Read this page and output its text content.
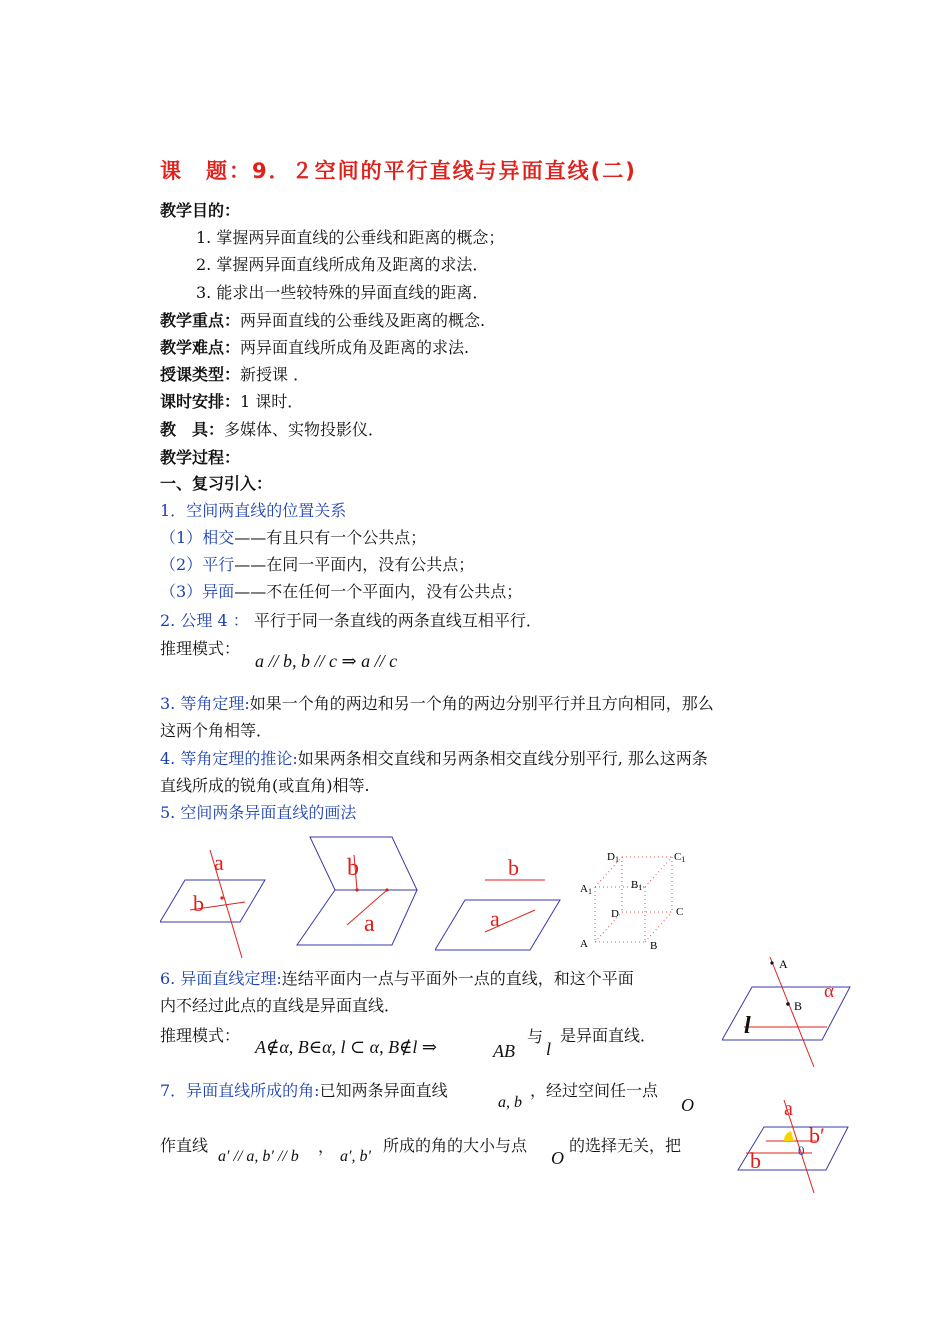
课　题：9．２空间的平行直线与异面直线(二)
教学目的：
1. 掌握两异面直线的公垂线和距离的概念；
2. 掌握两异面直线所成角及距离的求法．
3. 能求出一些较特殊的异面直线的距离．
教学重点：两异面直线的公垂线及距离的概念.
教学难点：两异面直线所成角及距离的求法.
授课类型：新授课 ．
课时安排：1 课时．
教　具：多媒体、实物投影仪．
教学过程：
一、复习引入：
1．空间两直线的位置关系
（1）相交——有且只有一个公共点；
（2）平行——在同一平面内，没有公共点；
（3）异面——不在任何一个平面内，没有公共点；
2. 公理 4 ： 平行于同一条直线的两条直线互相平行．
推理模式：
a // b, b // c ⇒ a // c
3. 等角定理:如果一个角的两边和另一个角的两边分别平行并且方向相同，那么
这两个角相等．
4. 等角定理的推论:如果两条相交直线和另两条相交直线分别平行, 那么这两条
直线所成的锐角(或直角)相等.
5. 空间两条异面直线的画法
a
b
b
a
b
a
D1	C1
A1
B1
D	C
A	B
6. 异面直线定理:连结平面内一点与平面外一点的直线，和这个平面
内不经过此点的直线是异面直线．
推理模式：
A∉α, B∈α, l ⊂ α, B∉l ⇒	AB
与
l
是异面直线．
A
B
α
l
7．异面直线所成的角:已知两条异面直线
a, b
，经过空间任一点
O
作直线
a′ // a, b′ // b
，
a′, b′
所成的角的大小与点
O
的选择无关，把
a
b′
b	0
